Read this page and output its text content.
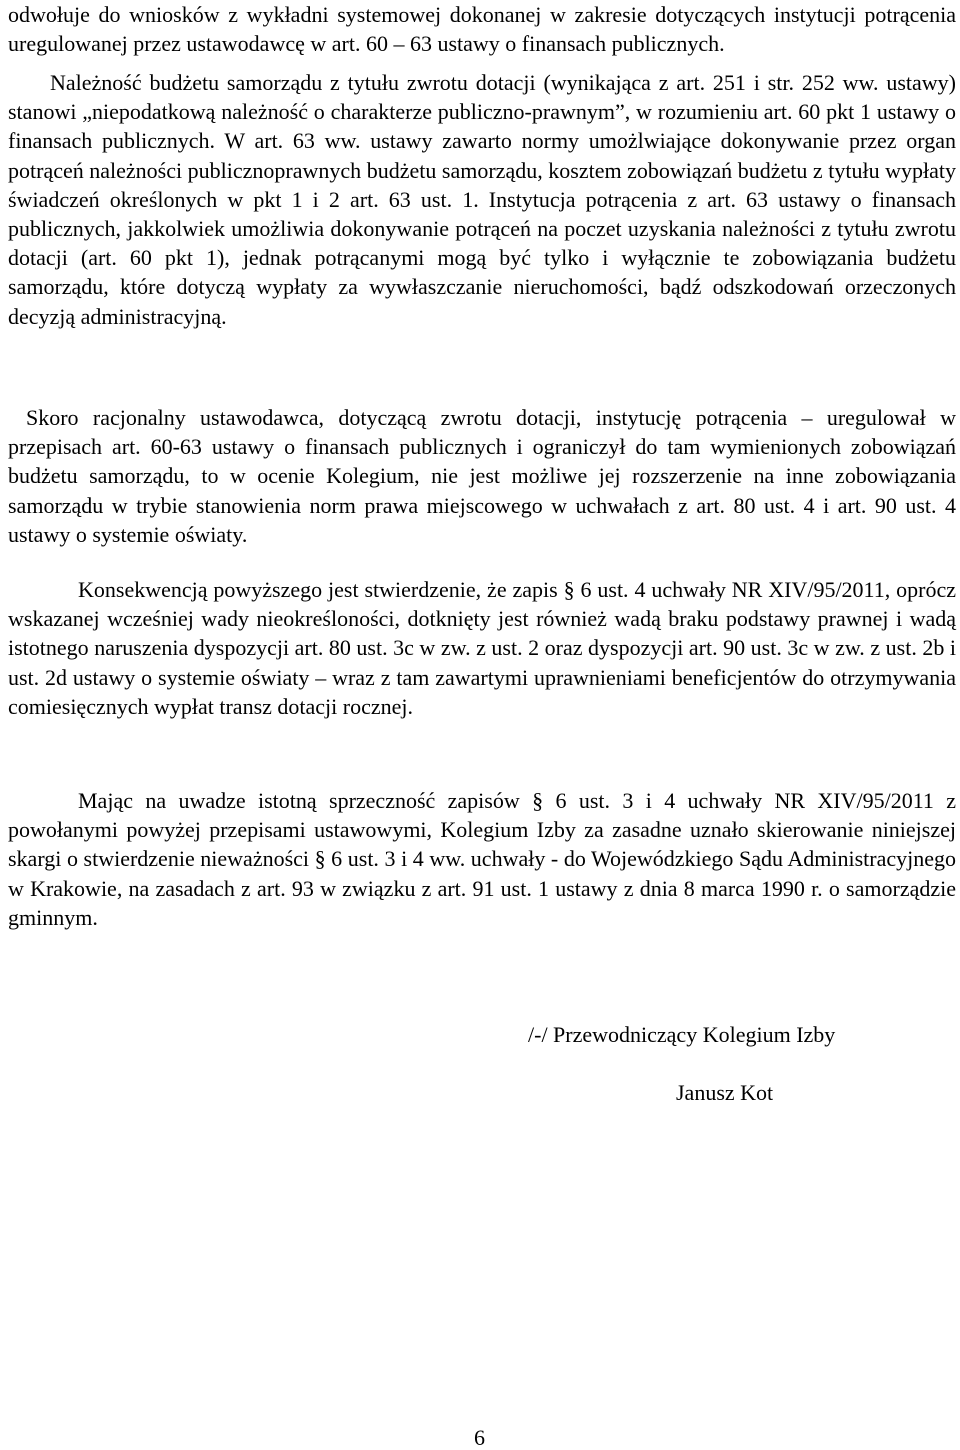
odwołuje do wniosków z wykładni systemowej dokonanej w zakresie dotyczących instytucji potrącenia uregulowanej przez ustawodawcę w art. 60 – 63 ustawy o finansach publicznych.

Należność budżetu samorządu z tytułu zwrotu dotacji (wynikająca z art. 251 i str. 252 ww. ustawy) stanowi „niepodatkową należność o charakterze publiczno-prawnym”, w rozumieniu art. 60 pkt 1 ustawy o finansach publicznych. W art. 63 ww. ustawy zawarto normy umożlwiające dokonywanie przez organ potrąceń należności publicznoprawnych budżetu samorządu, kosztem zobowiązań budżetu z tytułu wypłaty świadczeń określonych w pkt 1 i 2 art. 63 ust. 1. Instytucja potrącenia z art. 63 ustawy o finansach publicznych, jakkolwiek umożliwia dokonywanie potrąceń na poczet uzyskania należności z tytułu zwrotu dotacji (art. 60 pkt 1), jednak potrącanymi mogą być tylko i wyłącznie te zobowiązania budżetu samorządu, które dotyczą wypłaty za wywłaszczanie nieruchomości, bądź odszkodowań orzeczonych decyzją administracyjną.

Skoro racjonalny ustawodawca, dotyczącą zwrotu dotacji, instytucję potrącenia – uregulował w przepisach art. 60-63 ustawy o finansach publicznych i ograniczył do tam wymienionych zobowiązań budżetu samorządu, to w ocenie Kolegium, nie jest możliwe jej rozszerzenie na inne zobowiązania samorządu w trybie stanowienia norm prawa miejscowego w uchwałach z art. 80 ust. 4 i art. 90 ust. 4 ustawy o systemie oświaty.

Konsekwencją powyższego jest stwierdzenie, że zapis § 6 ust. 4 uchwały NR XIV/95/2011, oprócz wskazanej wcześniej wady nieokreśloności, dotknięty jest również wadą braku podstawy prawnej i wadą istotnego naruszenia dyspozycji art. 80 ust. 3c w zw. z ust. 2 oraz dyspozycji art. 90 ust. 3c w zw. z ust. 2b i ust. 2d ustawy o systemie oświaty – wraz z tam zawartymi uprawnieniami beneficjentów do otrzymywania comiesięcznych wypłat transz dotacji rocznej.

Mając na uwadze istotną sprzeczność zapisów § 6 ust. 3 i 4 uchwały NR XIV/95/2011 z powołanymi powyżej przepisami ustawowymi, Kolegium Izby za zasadne uznało skierowanie niniejszej skargi o stwierdzenie nieważności § 6 ust. 3 i 4 ww. uchwały - do Wojewódzkiego Sądu Administracyjnego w Krakowie, na zasadach z art. 93 w związku z art. 91 ust. 1 ustawy z dnia 8 marca 1990 r. o samorządzie gminnym.

/-/ Przewodniczący Kolegium Izby
Janusz Kot
6
